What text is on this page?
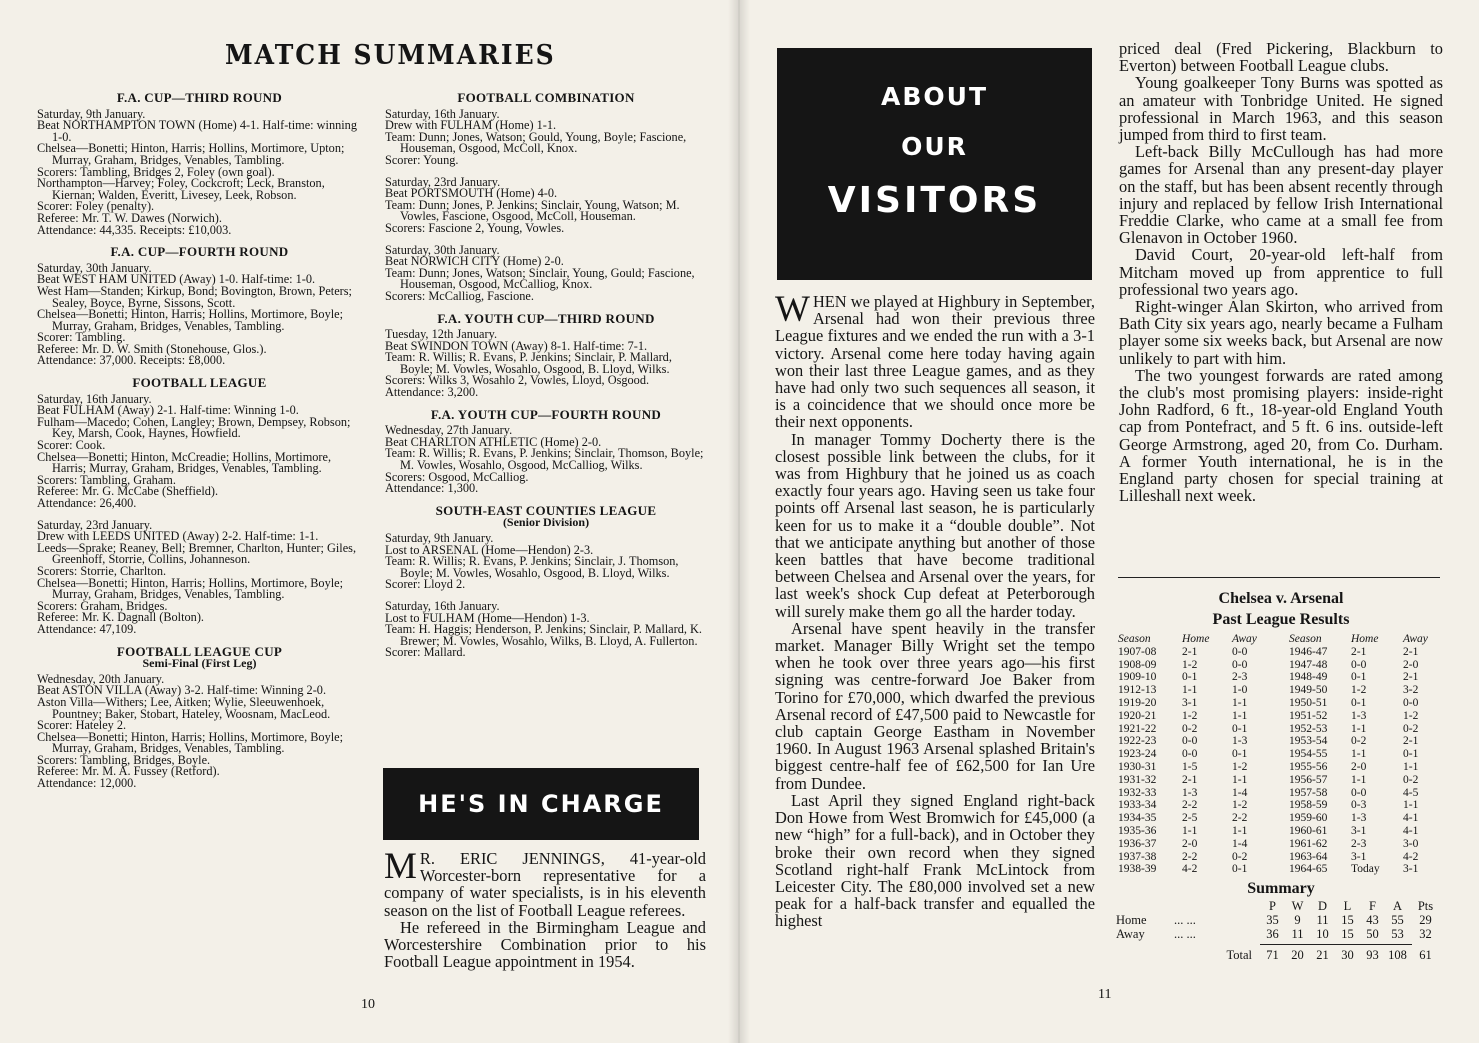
MATCH SUMMARIES
F.A. CUP—THIRD ROUND

Saturday, 9th January.

Beat NORTHAMPTON TOWN (Home) 4-1. Half-time: winning 1-0.

Chelsea—Bonetti; Hinton, Harris; Hollins, Mortimore, Upton; Murray, Graham, Bridges, Venables, Tambling.

Scorers: Tambling, Bridges 2, Foley (own goal).

Northampton—Harvey; Foley, Cockcroft; Leck, Branston, Kiernan; Walden, Everitt, Livesey, Leek, Robson.

Scorer: Foley (penalty).

Referee: Mr. T. W. Dawes (Norwich).

Attendance: 44,335. Receipts: £10,003.

F.A. CUP—FOURTH ROUND

Saturday, 30th January.

Beat WEST HAM UNITED (Away) 1-0. Half-time: 1-0.

West Ham—Standen; Kirkup, Bond; Bovington, Brown, Peters; Sealey, Boyce, Byrne, Sissons, Scott.

Chelsea—Bonetti; Hinton, Harris; Hollins, Mortimore, Boyle; Murray, Graham, Bridges, Venables, Tambling.

Scorer: Tambling.

Referee: Mr. D. W. Smith (Stonehouse, Glos.).

Attendance: 37,000. Receipts: £8,000.

FOOTBALL LEAGUE

Saturday, 16th January.

Beat FULHAM (Away) 2-1. Half-time: Winning 1-0.

Fulham—Macedo; Cohen, Langley; Brown, Dempsey, Robson; Key, Marsh, Cook, Haynes, Howfield.

Scorer: Cook.

Chelsea—Bonetti; Hinton, McCreadie; Hollins, Mortimore, Harris; Murray, Graham, Bridges, Venables, Tambling.

Scorers: Tambling, Graham.

Referee: Mr. G. McCabe (Sheffield).

Attendance: 26,400.

Saturday, 23rd January.

Drew with LEEDS UNITED (Away) 2-2. Half-time: 1-1.

Leeds—Sprake; Reaney, Bell; Bremner, Charlton, Hunter; Giles, Greenhoff, Storrie, Collins, Johanneson.

Scorers: Storrie, Charlton.

Chelsea—Bonetti; Hinton, Harris; Hollins, Mortimore, Boyle; Murray, Graham, Bridges, Venables, Tambling.

Scorers: Graham, Bridges.

Referee: Mr. K. Dagnall (Bolton).

Attendance: 47,109.

FOOTBALL LEAGUE CUP
Semi-Final (First Leg)

Wednesday, 20th January.

Beat ASTON VILLA (Away) 3-2. Half-time: Winning 2-0.

Aston Villa—Withers; Lee, Aitken; Wylie, Sleeuwenhoek, Pountney; Baker, Stobart, Hateley, Woosnam, MacLeod.

Scorer: Hateley 2.

Chelsea—Bonetti; Hinton, Harris; Hollins, Mortimore, Boyle; Murray, Graham, Bridges, Venables, Tambling.

Scorers: Tambling, Bridges, Boyle.

Referee: Mr. M. A. Fussey (Retford).

Attendance: 12,000.

FOOTBALL COMBINATION

Saturday, 16th January.

Drew with FULHAM (Home) 1-1.

Team: Dunn; Jones, Watson; Gould, Young, Boyle; Fascione, Houseman, Osgood, McColl, Knox.

Scorer: Young.

Saturday, 23rd January.

Beat PORTSMOUTH (Home) 4-0.

Team: Dunn; Jones, P. Jenkins; Sinclair, Young, Watson; M. Vowles, Fascione, Osgood, McColl, Houseman.

Scorers: Fascione 2, Young, Vowles.

Saturday, 30th January.

Beat NORWICH CITY (Home) 2-0.

Team: Dunn; Jones, Watson; Sinclair, Young, Gould; Fascione, Houseman, Osgood, McCalliog, Knox.

Scorers: McCalliog, Fascione.

F.A. YOUTH CUP—THIRD ROUND

Tuesday, 12th January.

Beat SWINDON TOWN (Away) 8-1. Half-time: 7-1.

Team: R. Willis; R. Evans, P. Jenkins; Sinclair, P. Mallard, Boyle; M. Vowles, Wosahlo, Osgood, B. Lloyd, Wilks.

Scorers: Wilks 3, Wosahlo 2, Vowles, Lloyd, Osgood.

Attendance: 3,200.

F.A. YOUTH CUP—FOURTH ROUND

Wednesday, 27th January.

Beat CHARLTON ATHLETIC (Home) 2-0.

Team: R. Willis; R. Evans, P. Jenkins; Sinclair, Thomson, Boyle; M. Vowles, Wosahlo, Osgood, McCalliog, Wilks.

Scorers: Osgood, McCalliog.

Attendance: 1,300.

SOUTH-EAST COUNTIES LEAGUE
(Senior Division)

Saturday, 9th January.

Lost to ARSENAL (Home—Hendon) 2-3.

Team: R. Willis; R. Evans, P. Jenkins; Sinclair, J. Thomson, Boyle; M. Vowles, Wosahlo, Osgood, B. Lloyd, Wilks.

Scorer: Lloyd 2.

Saturday, 16th January.

Lost to FULHAM (Home—Hendon) 1-3.

Team: H. Haggis; Henderson, P. Jenkins; Sinclair, P. Mallard, K. Brewer; M. Vowles, Wosahlo, Wilks, B. Lloyd, A. Fullerton.

Scorer: Mallard.

HE'S IN CHARGE

M R. ERIC JENNINGS, 41-year-old Worcester-born representative for a company of water specialists, is in his eleventh season on the list of Football League referees.

He refereed in the Birmingham League and Worcestershire Combination prior to his Football League appointment in 1954.

10
ABOUT
OUR
VISITORS

WHEN we played at Highbury in September, Arsenal had won their previous three League fixtures and we ended the run with a 3-1 victory. Arsenal come here today having again won their last three League games, and as they have had only two such sequences all season, it is a coincidence that we should once more be their next opponents.

In manager Tommy Docherty there is the closest possible link between the clubs, for it was from Highbury that he joined us as coach exactly four years ago. Having seen us take four points off Arsenal last season, he is particularly keen for us to make it a “double double”. Not that we anticipate anything but another of those keen battles that have become traditional between Chelsea and Arsenal over the years, for last week's shock Cup defeat at Peterborough will surely make them go all the harder today.

Arsenal have spent heavily in the transfer market. Manager Billy Wright set the tempo when he took over three years ago—his first signing was centre-forward Joe Baker from Torino for £70,000, which dwarfed the previous Arsenal record of £47,500 paid to Newcastle for club captain George Eastham in November 1960. In August 1963 Arsenal splashed Britain's biggest centre-half fee of £62,500 for Ian Ure from Dundee.

Last April they signed England right-back Don Howe from West Bromwich for £45,000 (a new “high” for a full-back), and in October they broke their own record when they signed Scotland right-half Frank McLintock from Leicester City. The £80,000 involved set a new peak for a half-back transfer and equalled the highest

priced deal (Fred Pickering, Blackburn to Everton) between Football League clubs.

Young goalkeeper Tony Burns was spotted as an amateur with Tonbridge United. He signed professional in March 1963, and this season jumped from third to first team.

Left-back Billy McCullough has had more games for Arsenal than any present-day player on the staff, but has been absent recently through injury and replaced by fellow Irish International Freddie Clarke, who came at a small fee from Glenavon in October 1960.

David Court, 20-year-old left-half from Mitcham moved up from apprentice to full professional two years ago.

Right-winger Alan Skirton, who arrived from Bath City six years ago, nearly became a Fulham player some six weeks back, but Arsenal are now unlikely to part with him.

The two youngest forwards are rated among the club's most promising players: inside-right John Radford, 6 ft., 18-year-old England Youth cap from Pontefract, and 5 ft. 6 ins. outside-left George Armstrong, aged 20, from Co. Durham. A former Youth international, he is in the England party chosen for special training at Lilleshall next week.

Chelsea v. Arsenal
Past League Results
Season	Home	Away	Season	Home	Away
1907-08	2-1	0-0	1946-47	2-1	2-1
1908-09	1-2	0-0	1947-48	0-0	2-0
1909-10	0-1	2-3	1948-49	0-1	2-1
1912-13	1-1	1-0	1949-50	1-2	3-2
1919-20	3-1	1-1	1950-51	0-1	0-0
1920-21	1-2	1-1	1951-52	1-3	1-2
1921-22	0-2	0-1	1952-53	1-1	0-2
1922-23	0-0	1-3	1953-54	0-2	2-1
1923-24	0-0	0-1	1954-55	1-1	0-1
1930-31	1-5	1-2	1955-56	2-0	1-1
1931-32	2-1	1-1	1956-57	1-1	0-2
1932-33	1-3	1-4	1957-58	0-0	4-5
1933-34	2-2	1-2	1958-59	0-3	1-1
1934-35	2-5	2-2	1959-60	1-3	4-1
1935-36	1-1	1-1	1960-61	3-1	4-1
1936-37	2-0	1-4	1961-62	2-3	3-0
1937-38	2-2	0-2	1963-64	3-1	4-2
1938-39	4-2	0-1	1964-65	Today	3-1
Summary
P	W	D	L	F	A	Pts
Home	... ...	35	9	11	15	43	55	29
Away	... ...	36	11	10	15	50	53	32
Total	71	20	21	30	93 108 61
11
